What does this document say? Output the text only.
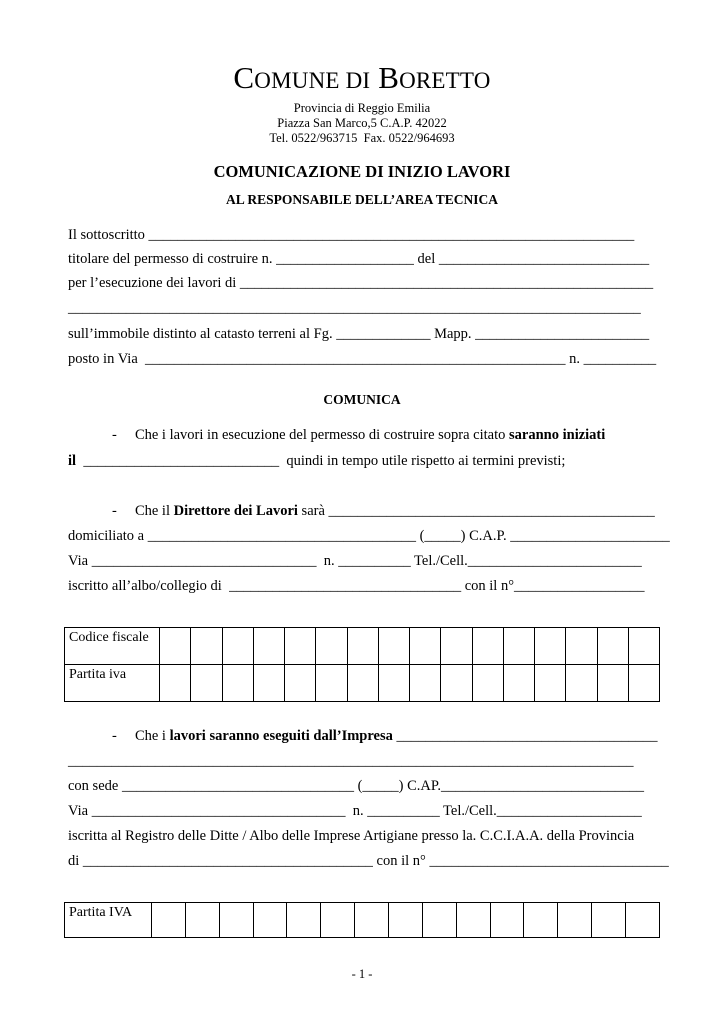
COMUNE DI BORETTO
Provincia di Reggio Emilia
Piazza San Marco,5 C.A.P. 42022
Tel. 0522/963715  Fax. 0522/964693
COMUNICAZIONE DI INIZIO LAVORI
AL RESPONSABILE DELL’AREA TECNICA
Il sottoscritto ___________________________________________________________________
titolare del permesso di costruire n. ___________________ del _____________________________
per l’esecuzione dei lavori di _________________________________________________________
_______________________________________________________________________________
sull’immobile distinto al catasto terreni al Fg. _____________ Mapp. ________________________
posto in Via  __________________________________________________________ n. __________
COMUNICA
-     Che i lavori in esecuzione del permesso di costruire sopra citato saranno iniziati
il  ___________________________  quindi in tempo utile rispetto ai termini previsti;
-     Che il Direttore dei Lavori sarà _____________________________________________
domiciliato a _____________________________________ (_____) C.A.P. ______________________
Via _______________________________  n. __________ Tel./Cell.________________________
iscritto all’albo/collegio di  ________________________________ con il n°__________________
Codice fiscale																
Partita iva																
-     Che i lavori saranno eseguiti dall’Impresa ____________________________________
______________________________________________________________________________
con sede ________________________________ (_____) C.AP.____________________________
Via ___________________________________  n. __________ Tel./Cell.____________________
iscritta al Registro delle Ditte / Albo delle Imprese Artigiane presso la. C.C.I.A.A. della Provincia
di ________________________________________ con il n° _________________________________
Partita IVA															
- 1 -
